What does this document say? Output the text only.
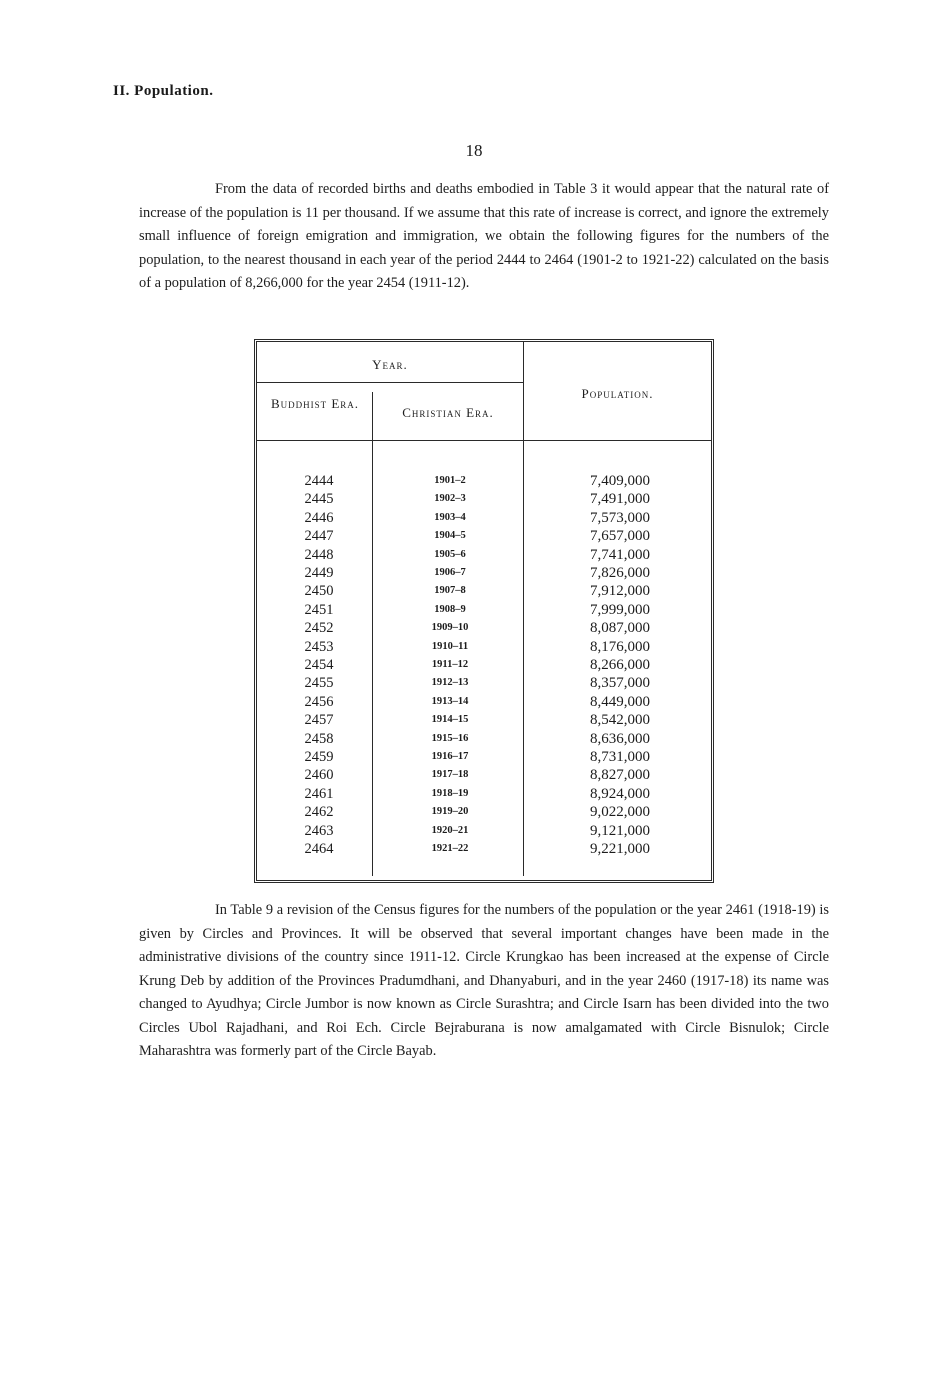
II. Population.
18
From the data of recorded births and deaths embodied in Table 3 it would appear that the natural rate of increase of the population is 11 per thousand. If we assume that this rate of increase is correct, and ignore the extremely small influence of foreign emigration and immigration, we obtain the following figures for the numbers of the population, to the nearest thousand in each year of the period 2444 to 2464 (1901-2 to 1921-22) calculated on the basis of a population of 8,266,000 for the year 2454 (1911-12).
Year.
Buddhist Era.
Christian Era.
Population.
2444	1901–2	7,409,000
2445	1902–3	7,491,000
2446	1903–4	7,573,000
2447	1904–5	7,657,000
2448	1905–6	7,741,000
2449	1906–7	7,826,000
2450	1907–8	7,912,000
2451	1908–9	7,999,000
2452	1909–10	8,087,000
2453	1910–11	8,176,000
2454	1911–12	8,266,000
2455	1912–13	8,357,000
2456	1913–14	8,449,000
2457	1914–15	8,542,000
2458	1915–16	8,636,000
2459	1916–17	8,731,000
2460	1917–18	8,827,000
2461	1918–19	8,924,000
2462	1919–20	9,022,000
2463	1920–21	9,121,000
2464	1921–22	9,221,000
In Table 9 a revision of the Census figures for the numbers of the population or the year 2461 (1918-19) is given by Circles and Provinces. It will be observed that several important changes have been made in the administrative divisions of the country since 1911-12. Circle Krungkao has been increased at the expense of Circle Krung Deb by addition of the Provinces Pradumdhani, and Dhanyaburi, and in the year 2460 (1917-18) its name was changed to Ayudhya; Circle Jumbor is now known as Circle Surashtra; and Circle Isarn has been divided into the two Circles Ubol Rajadhani, and Roi Ech. Circle Bejraburana is now amalgamated with Circle Bisnulok; Circle Maharashtra was formerly part of the Circle Bayab.
